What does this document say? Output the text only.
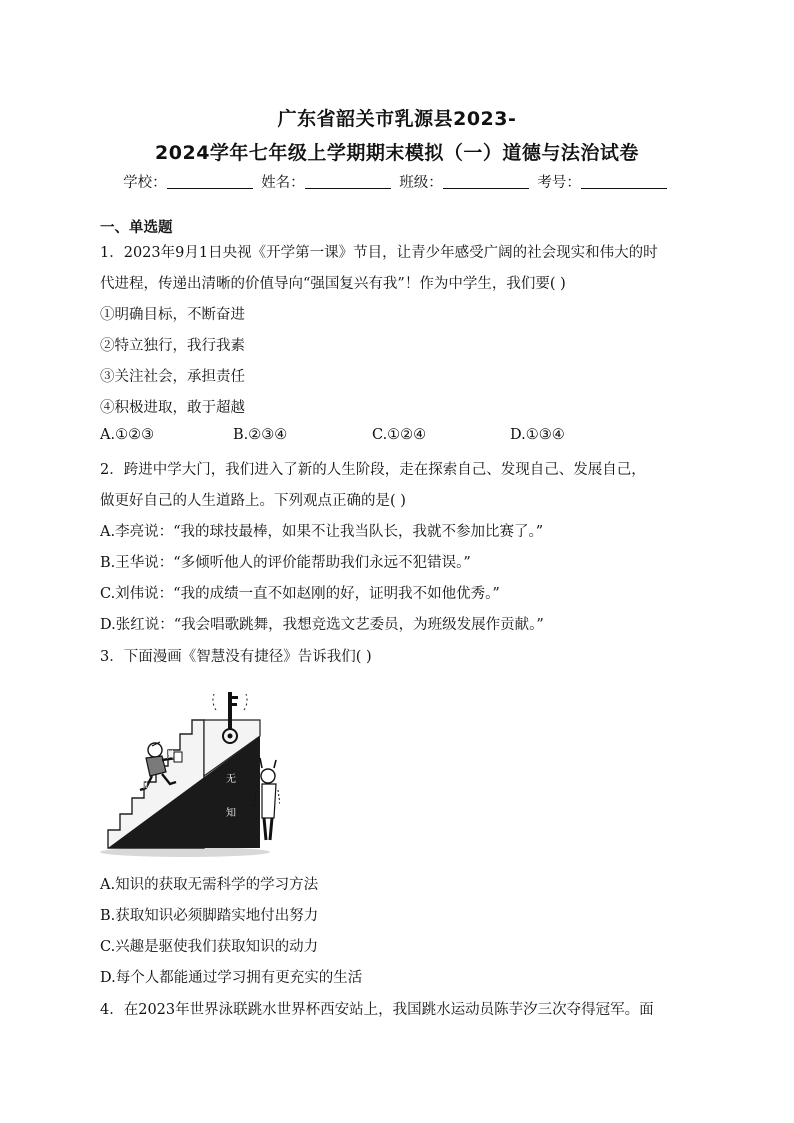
广东省韶关市乳源县2023-
2024学年七年级上学期期末模拟（一）道德与法治试卷
学校：	姓名：	班级：	考号：
一、单选题
1．2023年9月1日央视《开学第一课》节目，让青少年感受广阔的社会现实和伟大的时
代进程，传递出清晰的价值导向“强国复兴有我”！作为中学生，我们要( )
①明确目标，不断奋进
②特立独行，我行我素
③关注社会，承担责任
④积极进取，敢于超越
A.①②③	B.②③④	C.①②④	D.①③④
2．跨进中学大门，我们进入了新的人生阶段，走在探索自己、发现自己、发展自己，
做更好自己的人生道路上。下列观点正确的是( )
A.李亮说：“我的球技最棒，如果不让我当队长，我就不参加比赛了。”
B.王华说：“多倾听他人的评价能帮助我们永远不犯错误。”
C.刘伟说：“我的成绩一直不如赵刚的好，证明我不如他优秀。”
D.张红说：“我会唱歌跳舞，我想竞选文艺委员，为班级发展作贡献。”
3．下面漫画《智慧没有捷径》告诉我们( )
识
知
无
知
A.知识的获取无需科学的学习方法
B.获取知识必须脚踏实地付出努力
C.兴趣是驱使我们获取知识的动力
D.每个人都能通过学习拥有更充实的生活
4．在2023年世界泳联跳水世界杯西安站上，我国跳水运动员陈芋汐三次夺得冠军。面
